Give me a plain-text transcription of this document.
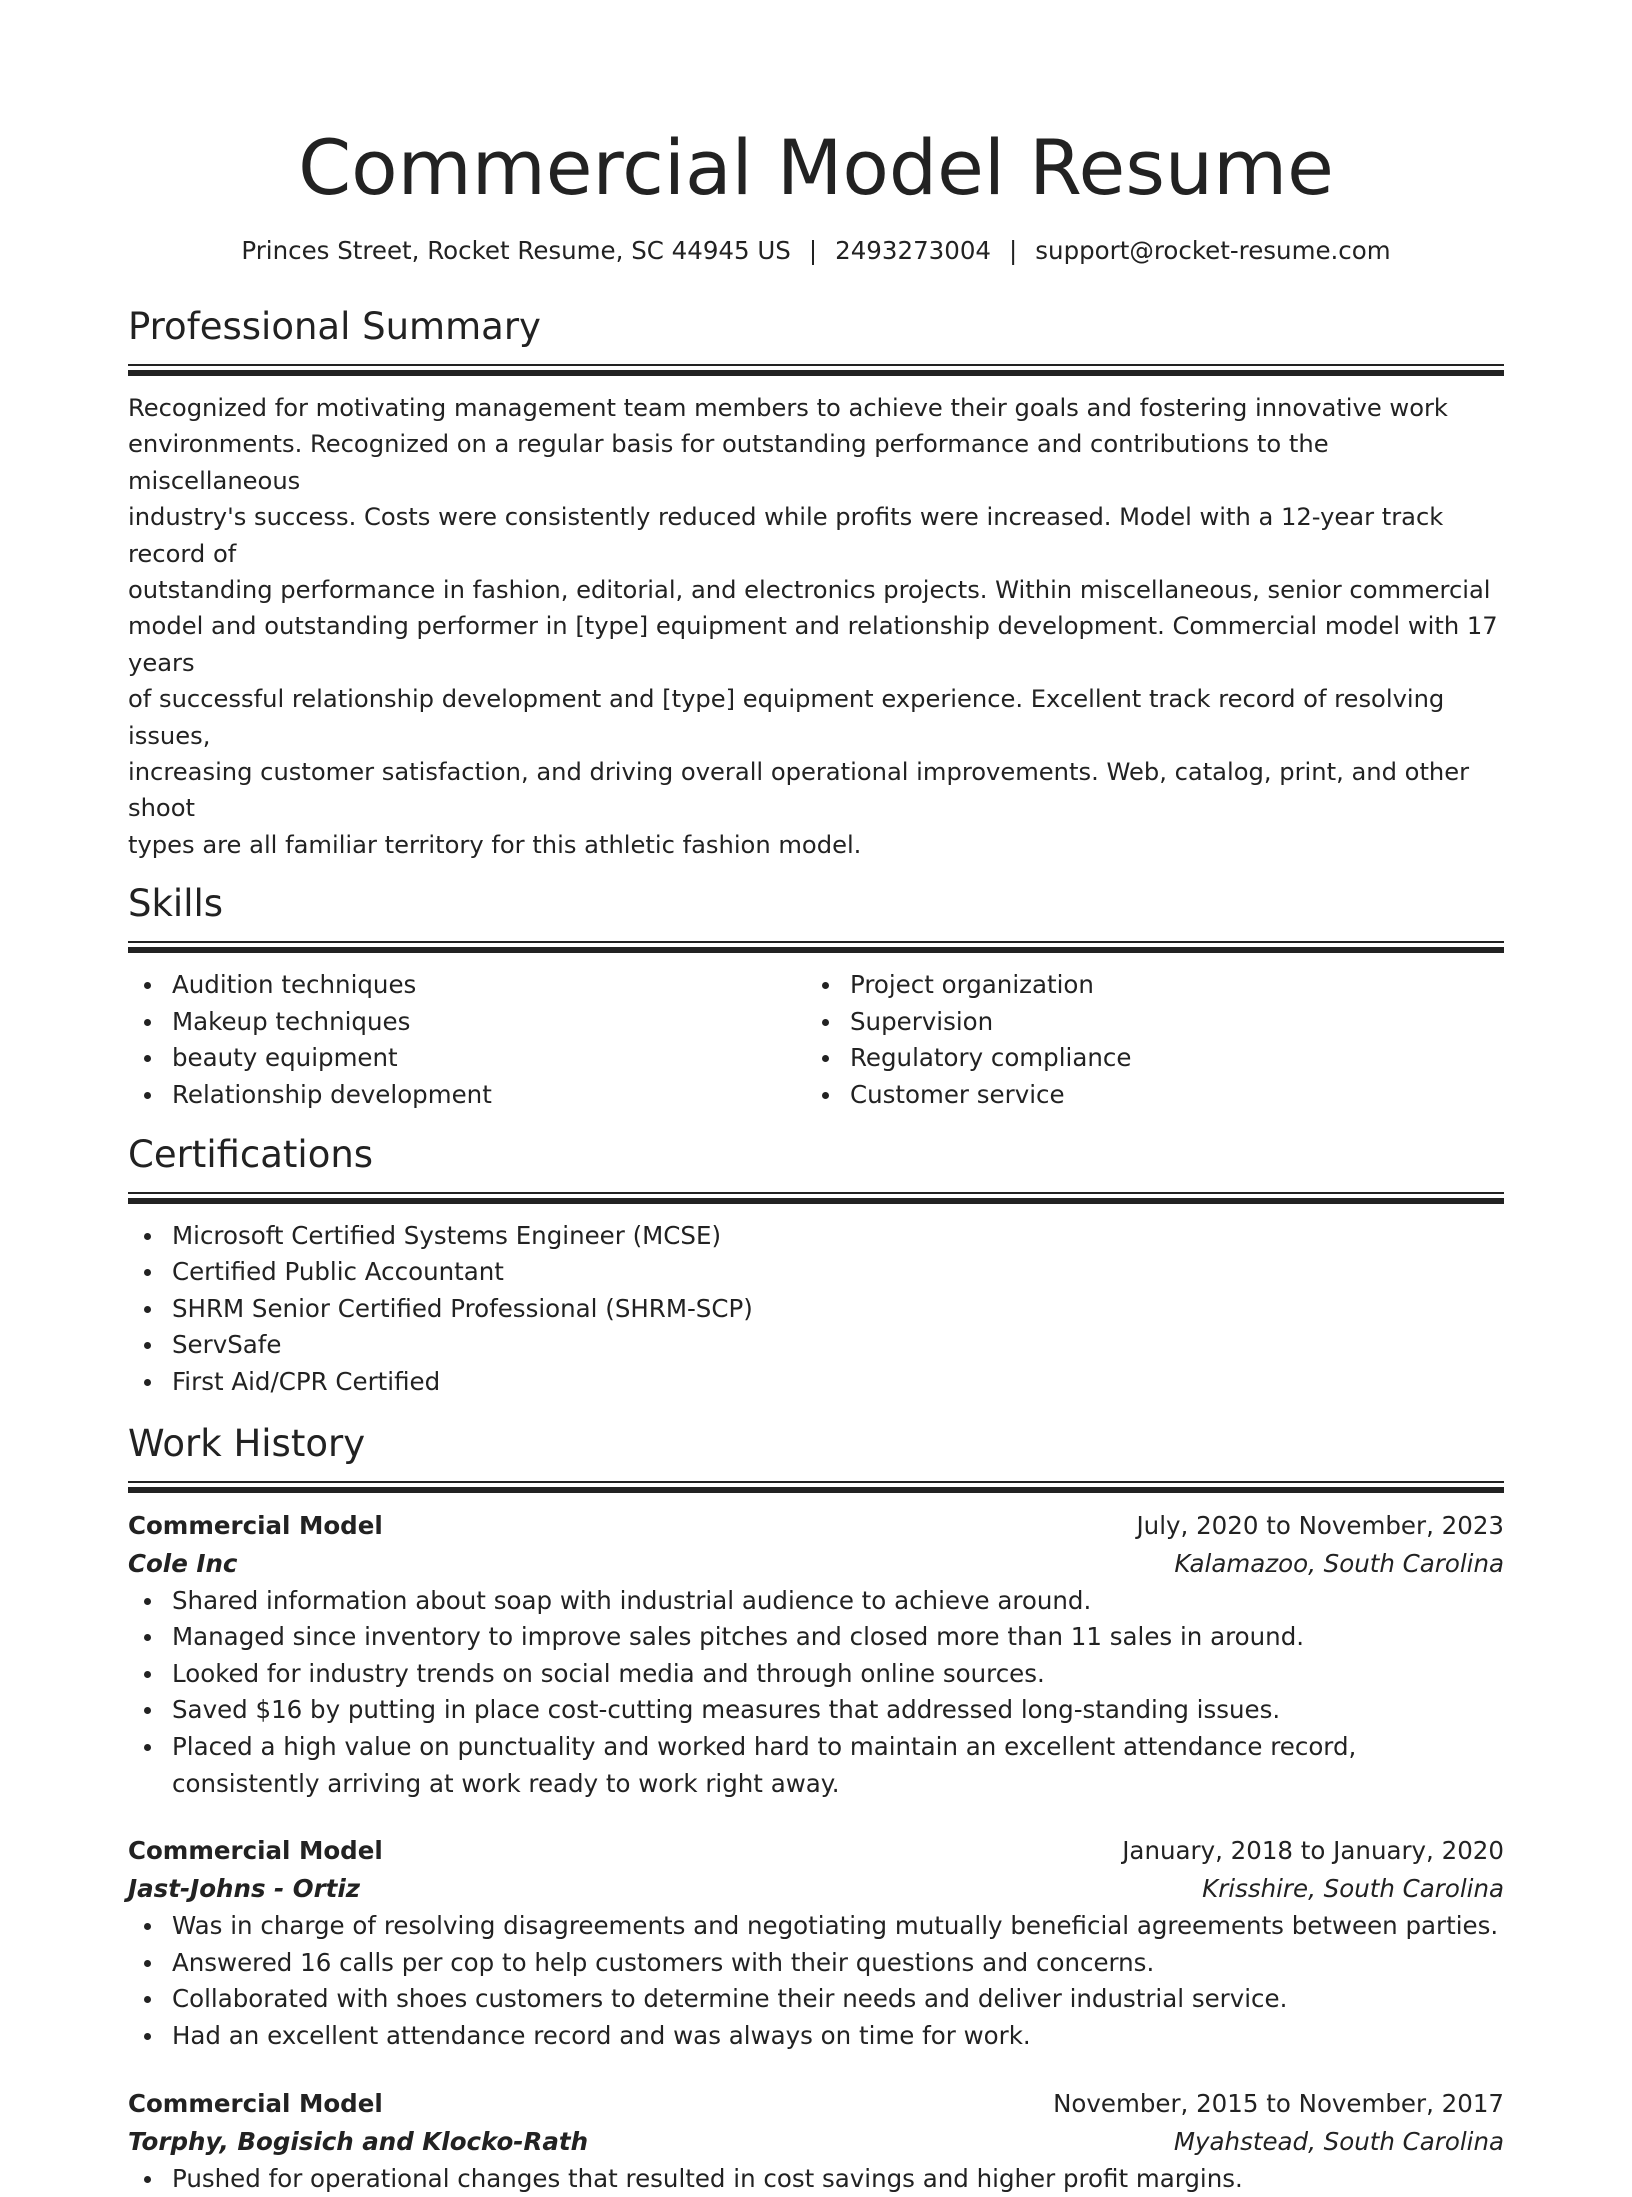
Commercial Model Resume
Princes Street, Rocket Resume, SC 44945 US | 2493273004 | support@rocket-resume.com
Professional Summary
Recognized for motivating management team members to achieve their goals and fostering innovative work
environments. Recognized on a regular basis for outstanding performance and contributions to the miscellaneous
industry's success. Costs were consistently reduced while profits were increased. Model with a 12-year track record of
outstanding performance in fashion, editorial, and electronics projects. Within miscellaneous, senior commercial
model and outstanding performer in [type] equipment and relationship development. Commercial model with 17 years
of successful relationship development and [type] equipment experience. Excellent track record of resolving issues,
increasing customer satisfaction, and driving overall operational improvements. Web, catalog, print, and other shoot
types are all familiar territory for this athletic fashion model.
Skills
Audition techniques
Makeup techniques
beauty equipment
Relationship development
Project organization
Supervision
Regulatory compliance
Customer service
Certifications
Microsoft Certified Systems Engineer (MCSE)
Certified Public Accountant
SHRM Senior Certified Professional (SHRM-SCP)
ServSafe
First Aid/CPR Certified
Work History
Commercial Model	July, 2020 to November, 2023
Cole Inc	Kalamazoo, South Carolina
Shared information about soap with industrial audience to achieve around.
Managed since inventory to improve sales pitches and closed more than 11 sales in around.
Looked for industry trends on social media and through online sources.
Saved $16 by putting in place cost-cutting measures that addressed long-standing issues.
Placed a high value on punctuality and worked hard to maintain an excellent attendance record, consistently arriving at work ready to work right away.
Commercial Model	January, 2018 to January, 2020
Jast-Johns - Ortiz	Krisshire, South Carolina
Was in charge of resolving disagreements and negotiating mutually beneficial agreements between parties.
Answered 16 calls per cop to help customers with their questions and concerns.
Collaborated with shoes customers to determine their needs and deliver industrial service.
Had an excellent attendance record and was always on time for work.
Commercial Model	November, 2015 to November, 2017
Torphy, Bogisich and Klocko-Rath	Myahstead, South Carolina
Pushed for operational changes that resulted in cost savings and higher profit margins.
